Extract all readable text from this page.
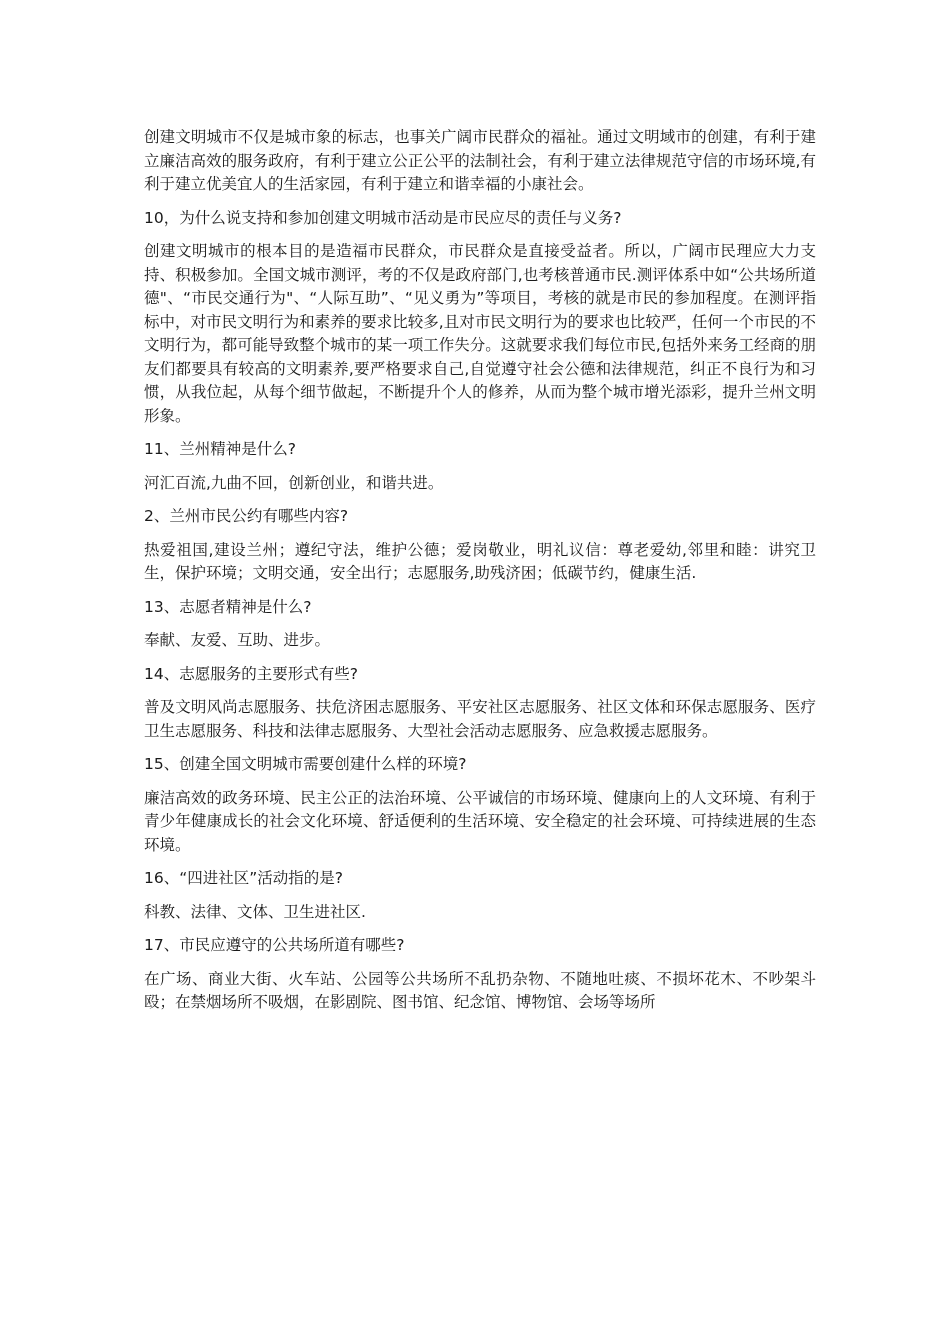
创建文明城市不仅是城市象的标志，也事关广阔市民群众的福祉。通过文明域市的创建，有利于建立廉洁高效的服务政府，有利于建立公正公平的法制社会，有利于建立法律规范守信的市场环境,有利于建立优美宜人的生活家园，有利于建立和谐幸福的小康社会。

10，为什么说支持和参加创建文明城市活动是市民应尽的责任与义务?

创建文明城市的根本目的是造福市民群众，市民群众是直接受益者。所以，广阔市民理应大力支持、积极参加。全国文城市测评，考的不仅是政府部门,也考核普通市民.测评体系中如“公共场所道德"、“市民交通行为"、“人际互助”、“见义勇为”等项目，考核的就是市民的参加程度。在测评指标中，对市民文明行为和素养的要求比较多,且对市民文明行为的要求也比较严，任何一个市民的不文明行为，都可能导致整个城市的某一项工作失分。这就要求我们每位市民,包括外来务工经商的朋友们都要具有较高的文明素养,要严格要求自己,自觉遵守社会公德和法律规范，纠正不良行为和习惯，从我位起，从每个细节做起，不断提升个人的修养，从而为整个城市增光添彩，提升兰州文明形象。

11、兰州精神是什么?

河汇百流,九曲不回，创新创业，和谐共进。

2、兰州市民公约有哪些内容?

热爱祖国,建设兰州；遵纪守法，维护公德；爱岗敬业，明礼议信：尊老爱幼,邻里和睦：讲究卫生，保护环境；文明交通，安全出行；志愿服务,助残济困；低碳节约，健康生活.

13、志愿者精神是什么?

奉献、友爱、互助、进步。

14、志愿服务的主要形式有些?

普及文明风尚志愿服务、扶危济困志愿服务、平安社区志愿服务、社区文体和环保志愿服务、医疗卫生志愿服务、科技和法律志愿服务、大型社会活动志愿服务、应急救援志愿服务。

15、创建全国文明城市需要创建什么样的环境?

廉洁高效的政务环境、民主公正的法治环境、公平诚信的市场环境、健康向上的人文环境、有利于青少年健康成长的社会文化环境、舒适便利的生活环境、安全稳定的社会环境、可持续进展的生态环境。

16、“四进社区”活动指的是?

科教、法律、文体、卫生进社区.

17、市民应遵守的公共场所道有哪些?

在广场、商业大街、火车站、公园等公共场所不乱扔杂物、不随地吐痰、不损坏花木、不吵架斗殴；在禁烟场所不吸烟，在影剧院、图书馆、纪念馆、博物馆、会场等场所
